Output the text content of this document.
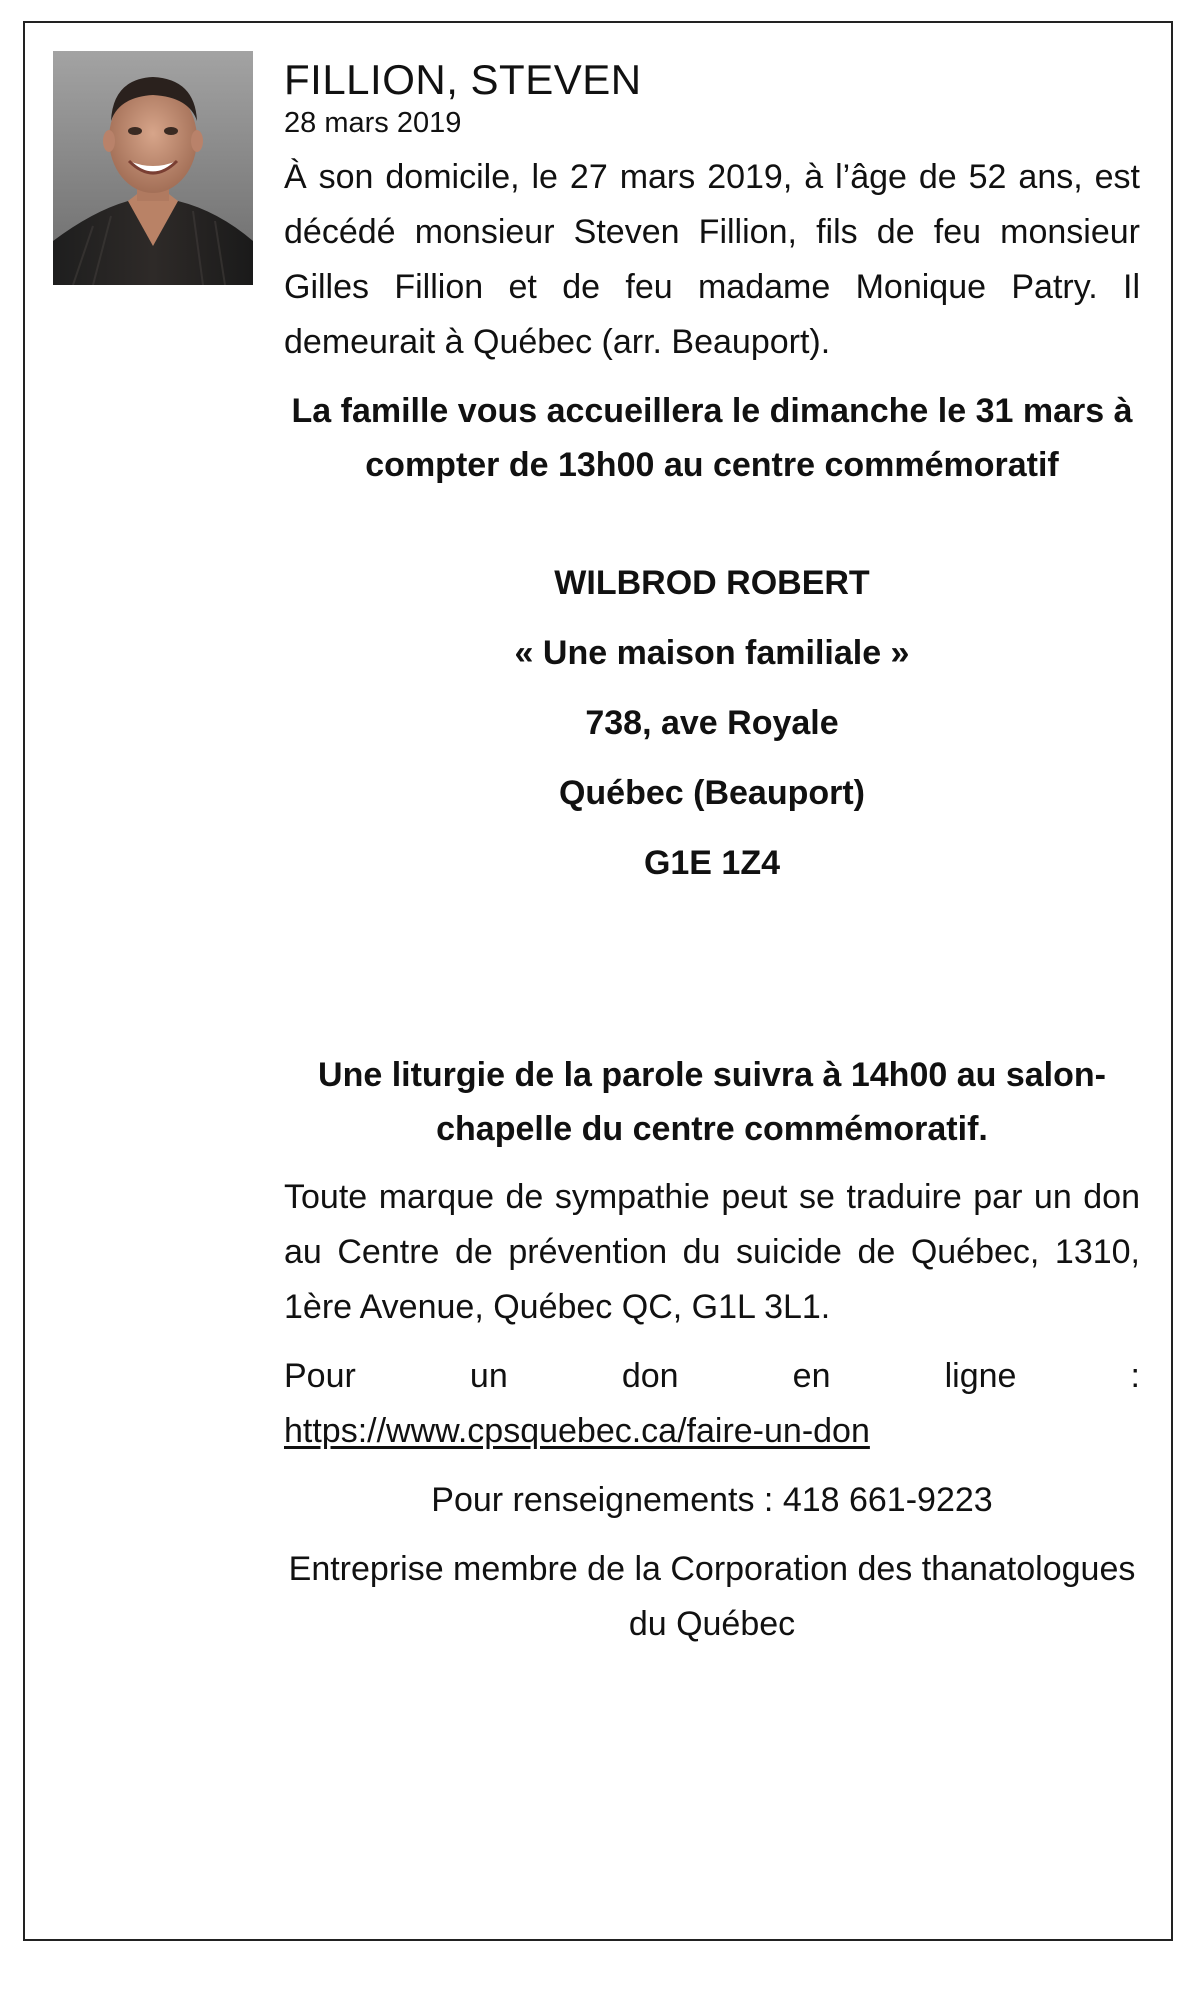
FILLION, STEVEN
28 mars 2019

À son domicile, le 27 mars 2019, à l’âge de 52 ans, est décédé monsieur Steven Fillion, fils de feu monsieur Gilles Fillion et de feu madame Monique Patry. Il demeurait à Québec (arr. Beauport).

La famille vous accueillera le dimanche le 31 mars à compter de 13h00 au centre commémoratif

WILBROD ROBERT
« Une maison familiale »
738, ave Royale
Québec (Beauport)
G1E 1Z4

Une liturgie de la parole suivra à 14h00 au salon-chapelle du centre commémoratif.

Toute marque de sympathie peut se traduire par un don au Centre de prévention du suicide de Québec, 1310, 1ère Avenue, Québec QC, G1L 3L1.

Pour	un	don	en	ligne	:
https://www.cpsquebec.ca/faire-un-don
Pour renseignements : 418 661-9223
Entreprise membre de la Corporation des thanatologues du Québec
